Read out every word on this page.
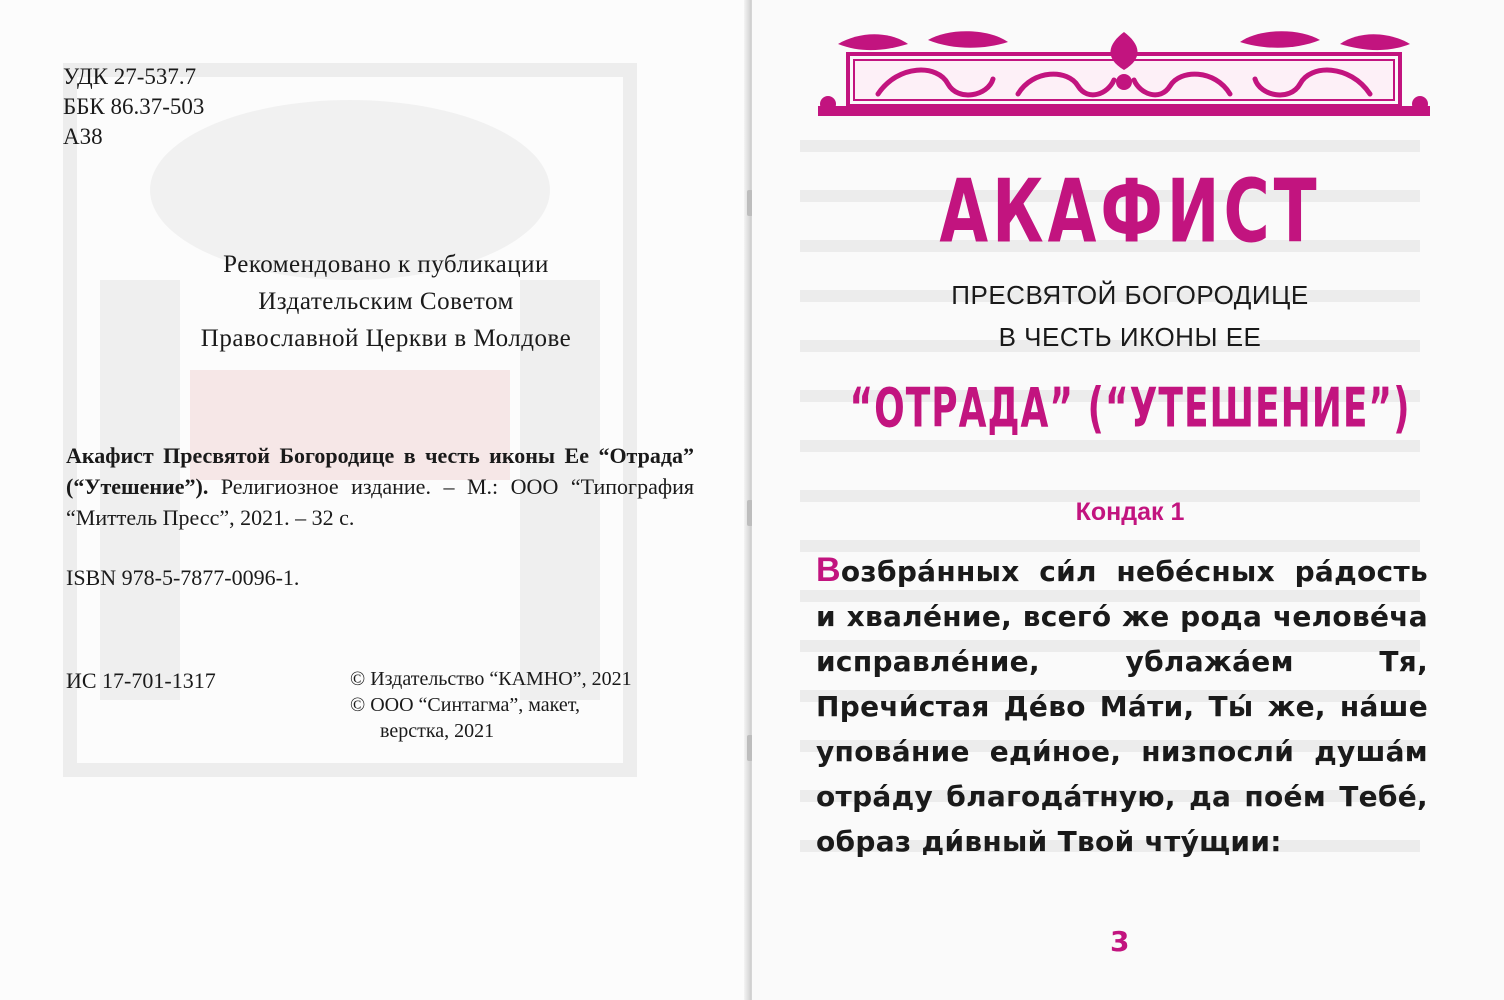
УДК 27-537.7
ББК 86.37-503
А38
Рекомендовано к публикации
Издательским Советом
Православной Церкви в Молдове
Акафист Пресвятой Богородице в честь иконы Ее “Отрада” (“Утешение”). Религиозное издание. – М.: ООО “Типография “Миттель Пресс”, 2021. – 32 с.
ISBN 978-5-7877-0096-1.
ИС 17-701-1317	© Издательство “КАМНО”, 2021
© ООО “Синтагма”, макет,
верстка, 2021
АКАФИСТ
ПРЕСВЯТОЙ БОГОРОДИЦЕ
В ЧЕСТЬ ИКОНЫ ЕЕ
“ОТРАДА” (“УТЕШЕНИЕ”)
Кондак 1
Возбра́нных си́л небе́сных ра́дость и хвале́ние, всего́ же рода челове́ча исправле́ние, ублажа́ем Тя, Пречи́стая Де́во Ма́ти, Ты́ же, на́ше упова́ние еди́ное, низпосли́ душа́м отра́ду благода́тную, да пое́м Тебе́, образ ди́вный Твой чту́щии:
3
